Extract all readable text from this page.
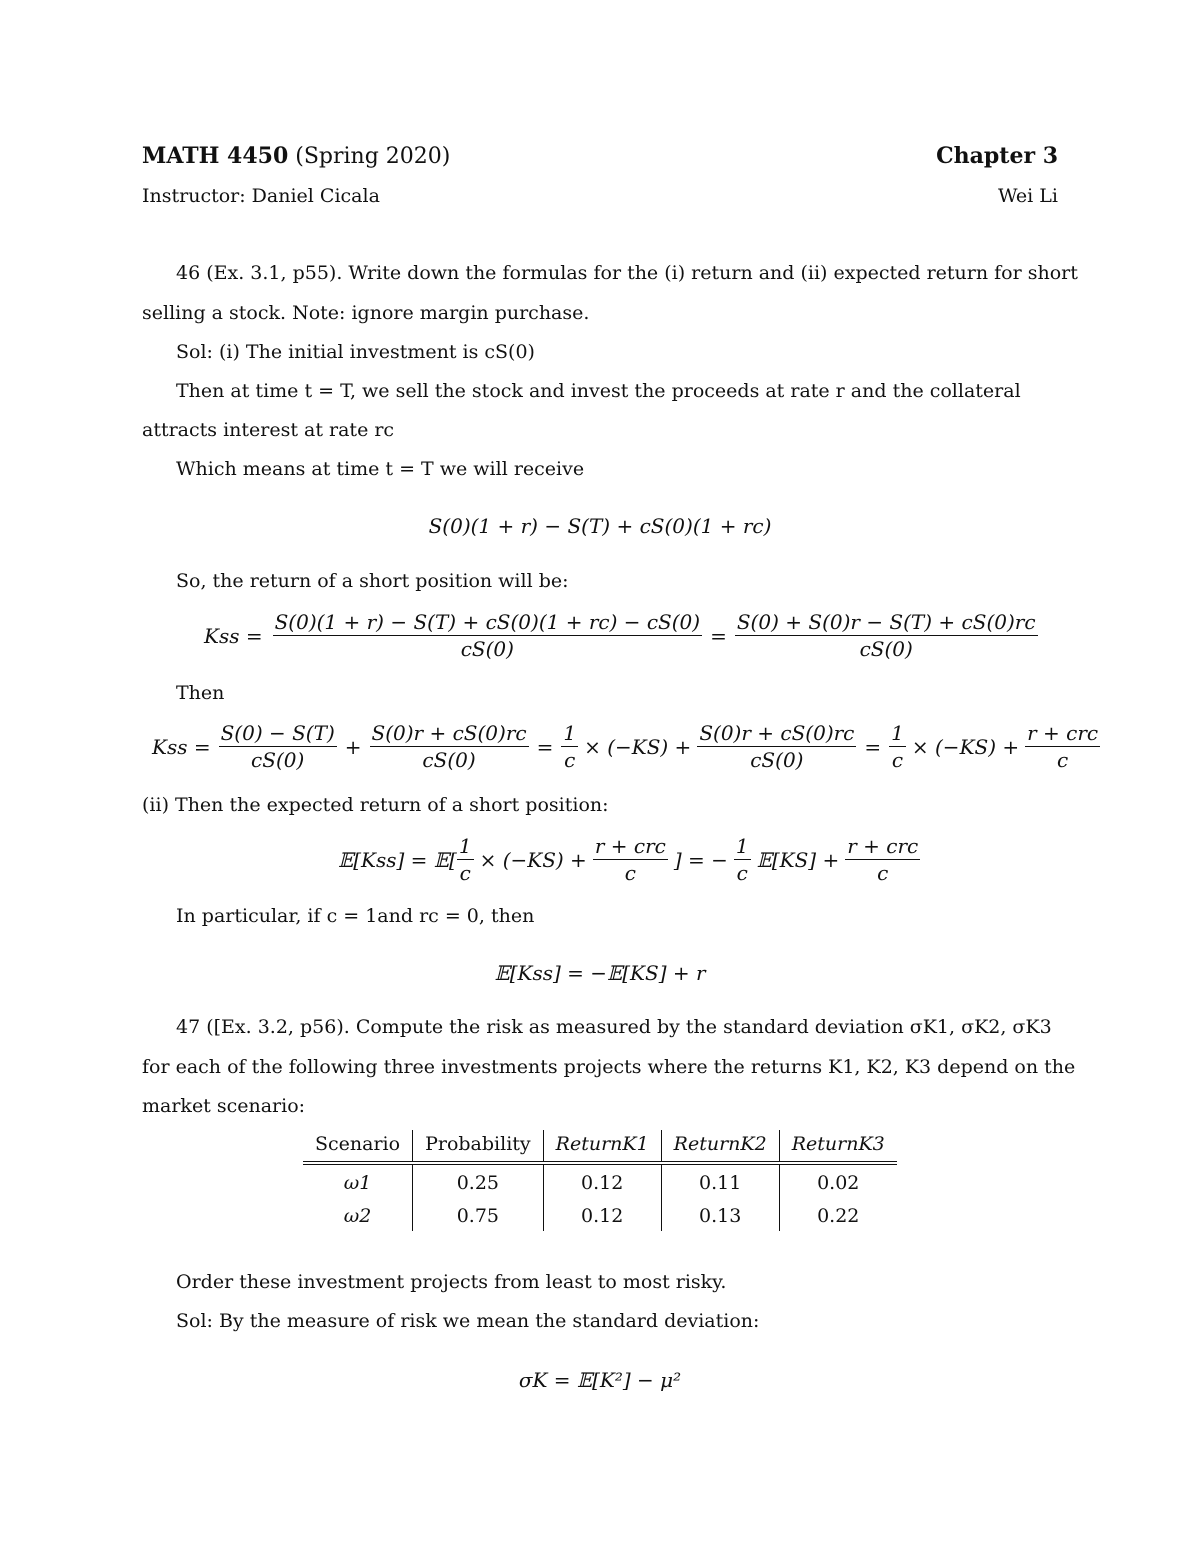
MATH 4450 (Spring 2020)	Chapter 3
Instructor: Daniel Cicala	Wei Li
46 (Ex. 3.1, p55). Write down the formulas for the (i) return and (ii) expected return for short
selling a stock. Note: ignore margin purchase.
Sol: (i) The initial investment is cS(0)
Then at time t = T, we sell the stock and invest the proceeds at rate r and the collateral
attracts interest at rate rc
Which means at time t = T we will receive
S(0)(1 + r) − S(T) + cS(0)(1 + rc)
So, the return of a short position will be:
Kss = $\frac{S(0)(1 + r) - S(T) + cS(0)(1 + rc) - cS(0)}{cS(0)} = \frac{S(0) + S(0)r - S(T) + cS(0)rc}{cS(0)}$
Then
Kss = $\frac{S(0) - S(T)}{cS(0)} + \frac{S(0)r + cS(0)rc}{cS(0)} = \frac{1}{c} \times (-KS) + \frac{S(0)r + cS(0)rc}{cS(0)} = \frac{1}{c} \times (-KS) + \frac{\text{r + crc}}{c}$
(ii) Then the expected return of a short position:
𝔼[Kss] = 𝔼[ $\frac{1}{c} \times (-KS) + \frac{\text{r + crc}}{c}$ ] = − $\frac{1}{c}$ 𝔼[KS] + $\frac{\text{r + crc}}{c}$
In particular, if c = 1and rc = 0, then
𝔼[Kss] = −𝔼[KS] + r
47 ([Ex. 3.2, p56). Compute the risk as measured by the standard deviation σK1, σK2, σK3
for each of the following three investments projects where the returns K1, K2, K3 depend on the
market scenario:
Scenario	Probability	ReturnK1	ReturnK2	ReturnK3
ω1	0.25	0.12	0.11	0.02
ω2	0.75	0.12	0.13	0.22
Order these investment projects from least to most risky.
Sol: By the measure of risk we mean the standard deviation:
σK = 𝔼[K²] − μ²
